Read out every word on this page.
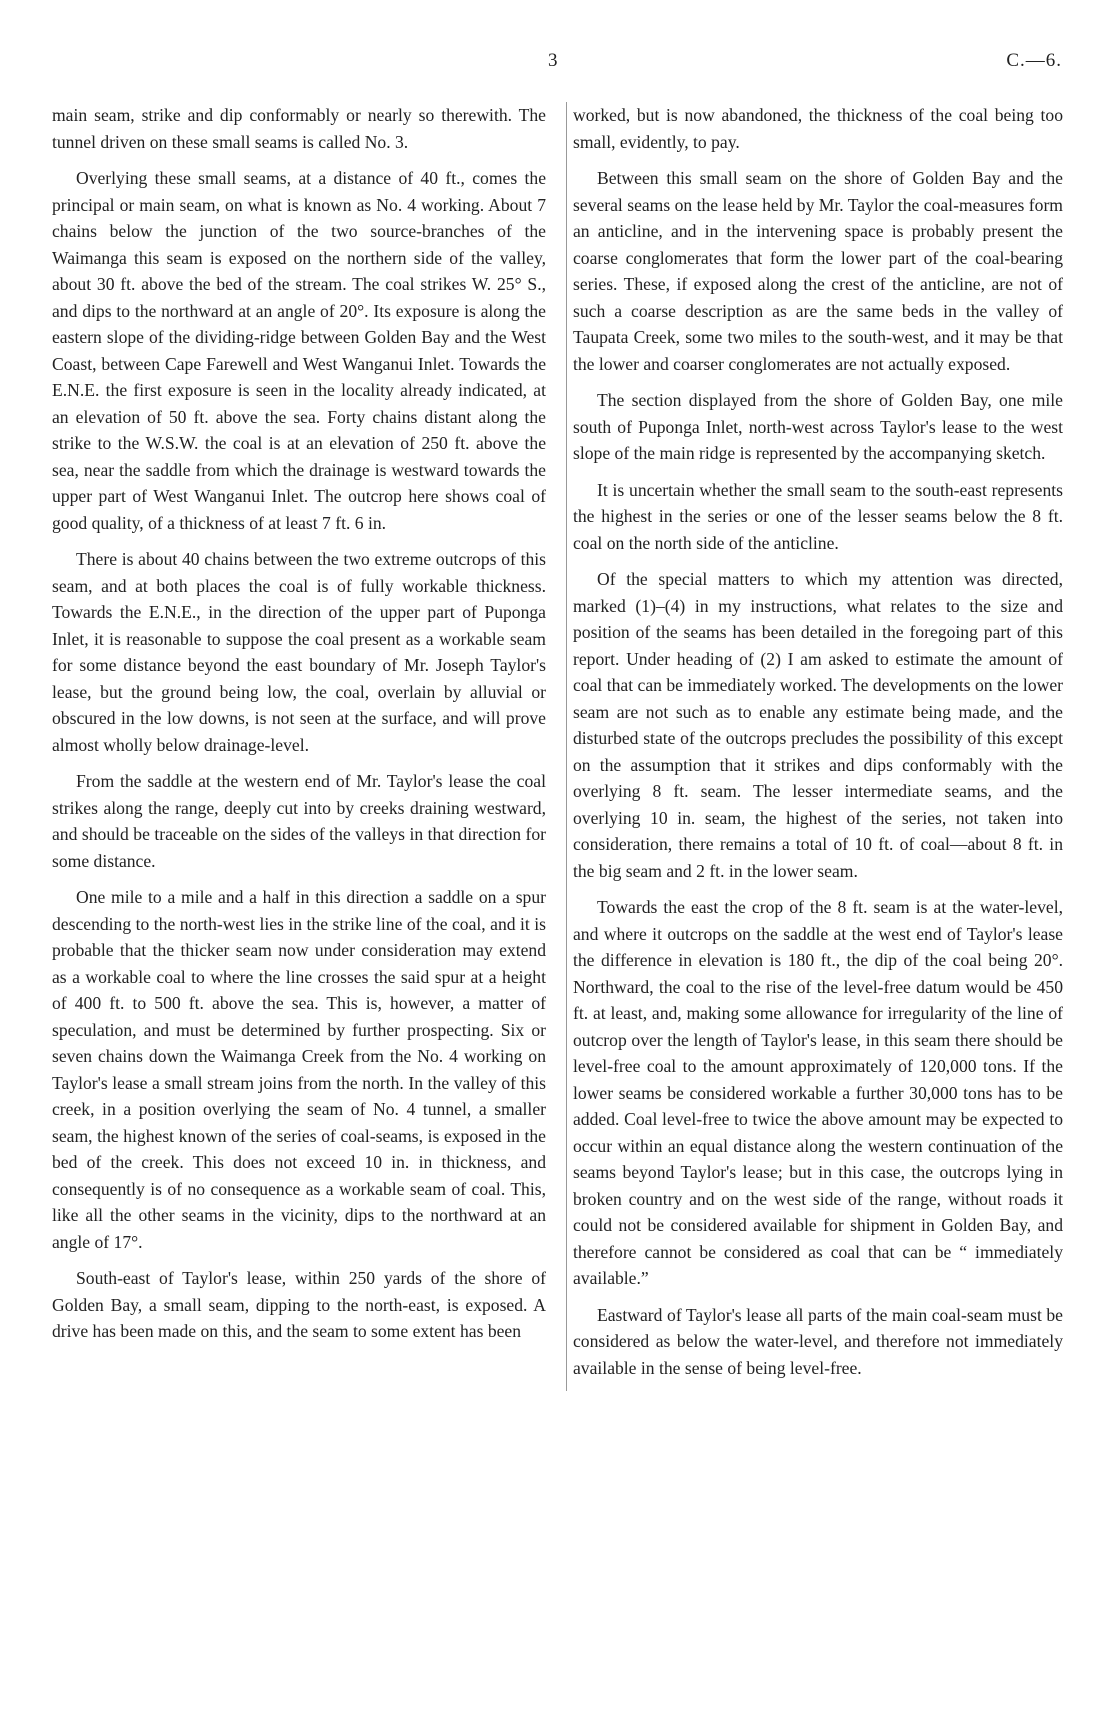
3	C.—6.

main seam, strike and dip conformably or nearly so therewith. The tunnel driven on these small seams is called No. 3.

Overlying these small seams, at a distance of 40 ft., comes the principal or main seam, on what is known as No. 4 working. About 7 chains below the junction of the two source-branches of the Waimanga this seam is exposed on the northern side of the valley, about 30 ft. above the bed of the stream. The coal strikes W. 25° S., and dips to the northward at an angle of 20°. Its exposure is along the eastern slope of the dividing-ridge between Golden Bay and the West Coast, between Cape Farewell and West Wanganui Inlet. Towards the E.N.E. the first exposure is seen in the locality already indicated, at an elevation of 50 ft. above the sea. Forty chains distant along the strike to the W.S.W. the coal is at an elevation of 250 ft. above the sea, near the saddle from which the drainage is westward towards the upper part of West Wanganui Inlet. The outcrop here shows coal of good quality, of a thickness of at least 7 ft. 6 in.

There is about 40 chains between the two extreme outcrops of this seam, and at both places the coal is of fully workable thickness. Towards the E.N.E., in the direction of the upper part of Puponga Inlet, it is reasonable to suppose the coal present as a workable seam for some distance beyond the east boundary of Mr. Joseph Taylor's lease, but the ground being low, the coal, overlain by alluvial or obscured in the low downs, is not seen at the surface, and will prove almost wholly below drainage-level.

From the saddle at the western end of Mr. Taylor's lease the coal strikes along the range, deeply cut into by creeks draining westward, and should be traceable on the sides of the valleys in that direction for some distance.

One mile to a mile and a half in this direction a saddle on a spur descending to the north-west lies in the strike line of the coal, and it is probable that the thicker seam now under consideration may extend as a workable coal to where the line crosses the said spur at a height of 400 ft. to 500 ft. above the sea. This is, however, a matter of speculation, and must be determined by further prospecting. Six or seven chains down the Waimanga Creek from the No. 4 working on Taylor's lease a small stream joins from the north. In the valley of this creek, in a position overlying the seam of No. 4 tunnel, a smaller seam, the highest known of the series of coal-seams, is exposed in the bed of the creek. This does not exceed 10 in. in thickness, and consequently is of no consequence as a workable seam of coal. This, like all the other seams in the vicinity, dips to the northward at an angle of 17°.

South-east of Taylor's lease, within 250 yards of the shore of Golden Bay, a small seam, dipping to the north-east, is exposed. A drive has been made on this, and the seam to some extent has been

worked, but is now abandoned, the thickness of the coal being too small, evidently, to pay.

Between this small seam on the shore of Golden Bay and the several seams on the lease held by Mr. Taylor the coal-measures form an anticline, and in the intervening space is probably present the coarse conglomerates that form the lower part of the coal-bearing series. These, if exposed along the crest of the anticline, are not of such a coarse description as are the same beds in the valley of Taupata Creek, some two miles to the south-west, and it may be that the lower and coarser conglomerates are not actually exposed.

The section displayed from the shore of Golden Bay, one mile south of Puponga Inlet, north-west across Taylor's lease to the west slope of the main ridge is represented by the accompanying sketch.

It is uncertain whether the small seam to the south-east represents the highest in the series or one of the lesser seams below the 8 ft. coal on the north side of the anticline.

Of the special matters to which my attention was directed, marked (1)–(4) in my instructions, what relates to the size and position of the seams has been detailed in the foregoing part of this report. Under heading of (2) I am asked to estimate the amount of coal that can be immediately worked. The developments on the lower seam are not such as to enable any estimate being made, and the disturbed state of the outcrops precludes the possibility of this except on the assumption that it strikes and dips conformably with the overlying 8 ft. seam. The lesser intermediate seams, and the overlying 10 in. seam, the highest of the series, not taken into consideration, there remains a total of 10 ft. of coal—about 8 ft. in the big seam and 2 ft. in the lower seam.

Towards the east the crop of the 8 ft. seam is at the water-level, and where it outcrops on the saddle at the west end of Taylor's lease the difference in elevation is 180 ft., the dip of the coal being 20°. Northward, the coal to the rise of the level-free datum would be 450 ft. at least, and, making some allowance for irregularity of the line of outcrop over the length of Taylor's lease, in this seam there should be level-free coal to the amount approximately of 120,000 tons. If the lower seams be considered workable a further 30,000 tons has to be added. Coal level-free to twice the above amount may be expected to occur within an equal distance along the western continuation of the seams beyond Taylor's lease; but in this case, the outcrops lying in broken country and on the west side of the range, without roads it could not be considered available for shipment in Golden Bay, and therefore cannot be considered as coal that can be “ immediately available.”

Eastward of Taylor's lease all parts of the main coal-seam must be considered as below the water-level, and therefore not immediately available in the sense of being level-free.
